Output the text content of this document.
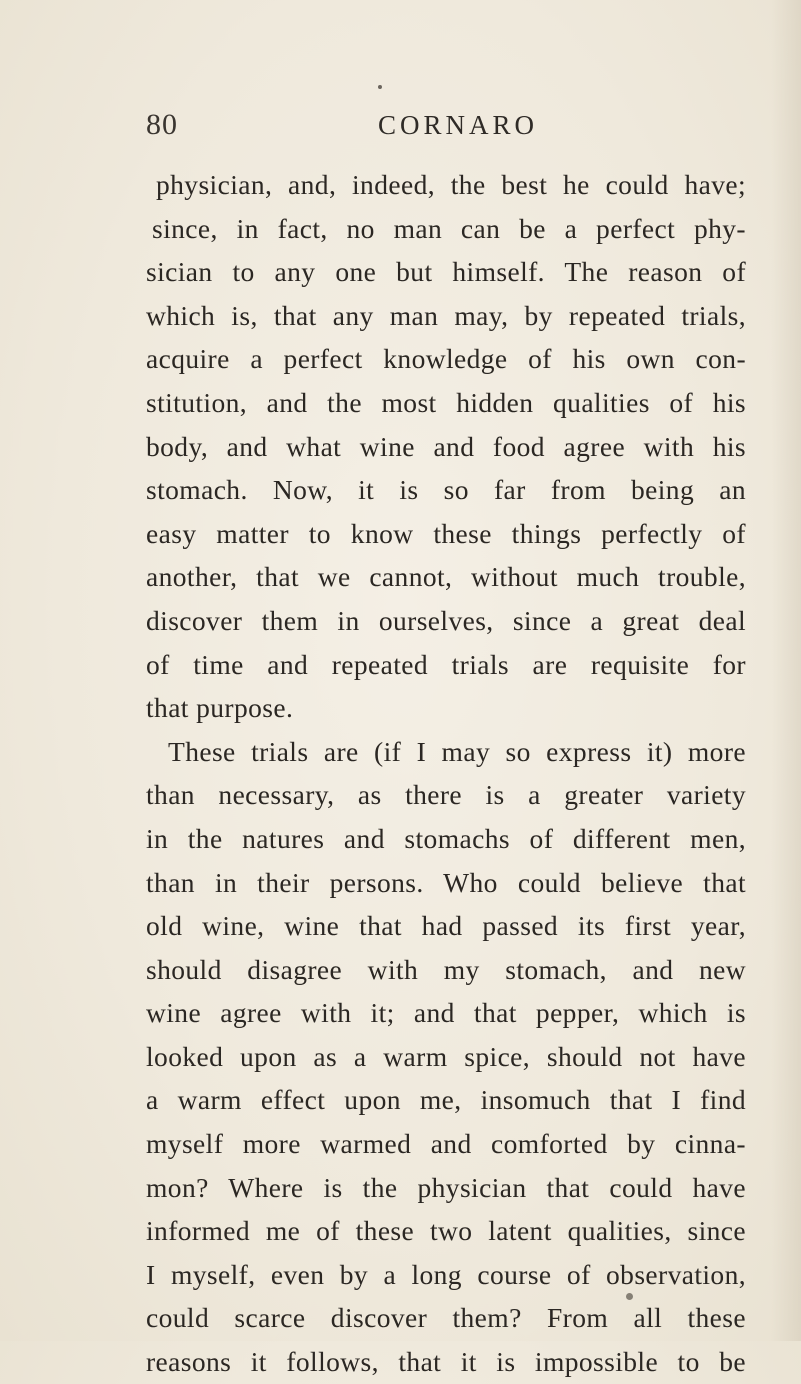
80	CORNARO
physician, and, indeed, the best he could have;
since, in fact, no man can be a perfect phy-
sician to any one but himself. The reason of
which is, that any man may, by repeated trials,
acquire a perfect knowledge of his own con-
stitution, and the most hidden qualities of his
body, and what wine and food agree with his
stomach. Now, it is so far from being an
easy matter to know these things perfectly of
another, that we cannot, without much trouble,
discover them in ourselves, since a great deal
of time and repeated trials are requisite for
that purpose.
These trials are (if I may so express it) more
than necessary, as there is a greater variety
in the natures and stomachs of different men,
than in their persons. Who could believe that
old wine, wine that had passed its first year,
should disagree with my stomach, and new
wine agree with it; and that pepper, which is
looked upon as a warm spice, should not have
a warm effect upon me, insomuch that I find
myself more warmed and comforted by cinna-
mon? Where is the physician that could have
informed me of these two latent qualities, since
I myself, even by a long course of observation,
could scarce discover them? From all these
reasons it follows, that it is impossible to be
